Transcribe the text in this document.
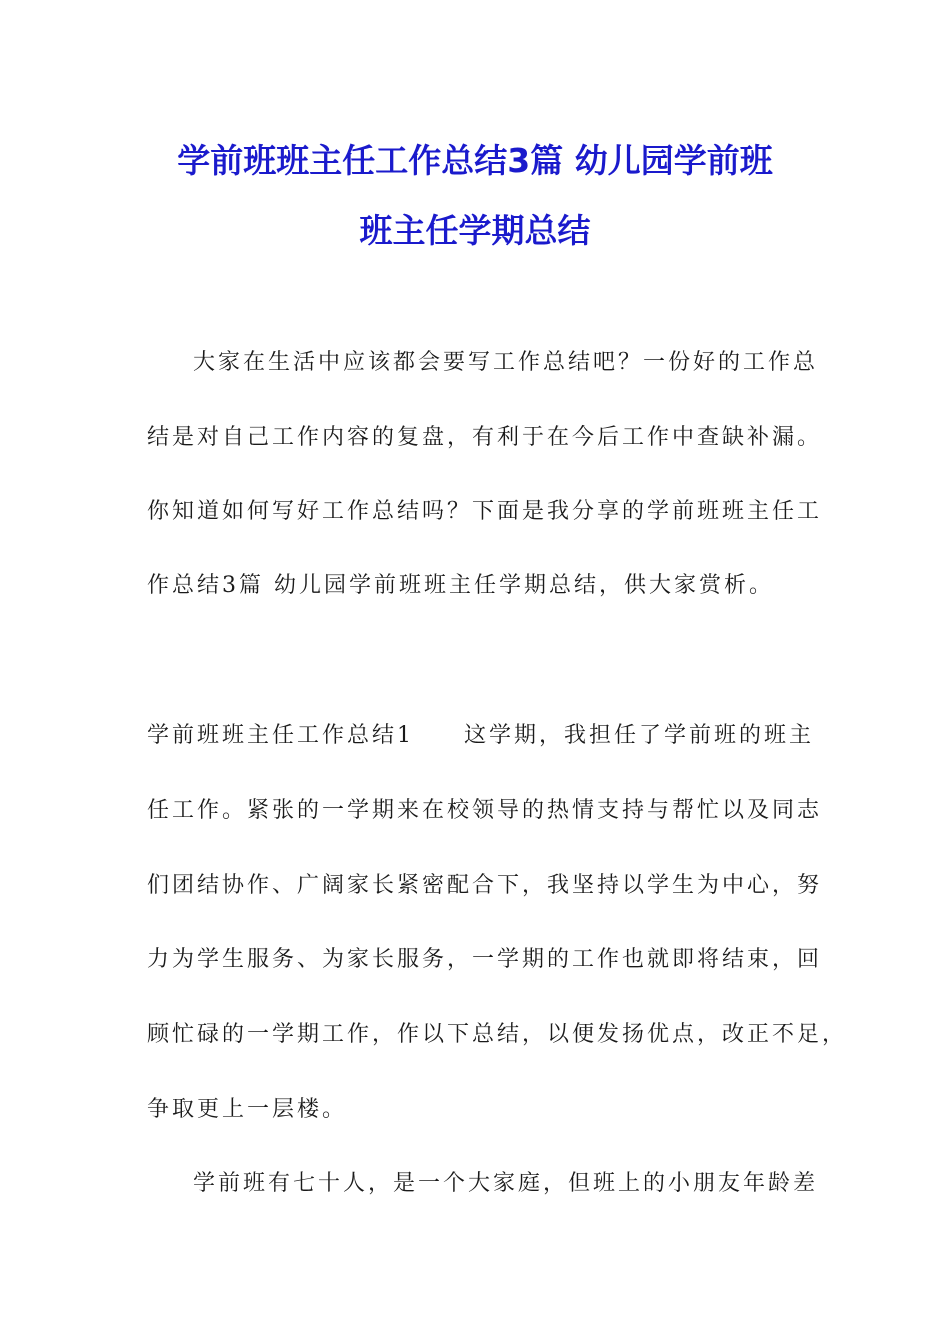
学前班班主任工作总结3篇 幼儿园学前班
班主任学期总结
大家在生活中应该都会要写工作总结吧？一份好的工作总
结是对自己工作内容的复盘，有利于在今后工作中查缺补漏。
你知道如何写好工作总结吗？下面是我分享的学前班班主任工
作总结3篇 幼儿园学前班班主任学期总结，供大家赏析。
学前班班主任工作总结1　　这学期，我担任了学前班的班主
任工作。紧张的一学期来在校领导的热情支持与帮忙以及同志
们团结协作、广阔家长紧密配合下，我坚持以学生为中心，努
力为学生服务、为家长服务，一学期的工作也就即将结束，回
顾忙碌的一学期工作，作以下总结，以便发扬优点，改正不足，
争取更上一层楼。
学前班有七十人，是一个大家庭，但班上的小朋友年龄差
